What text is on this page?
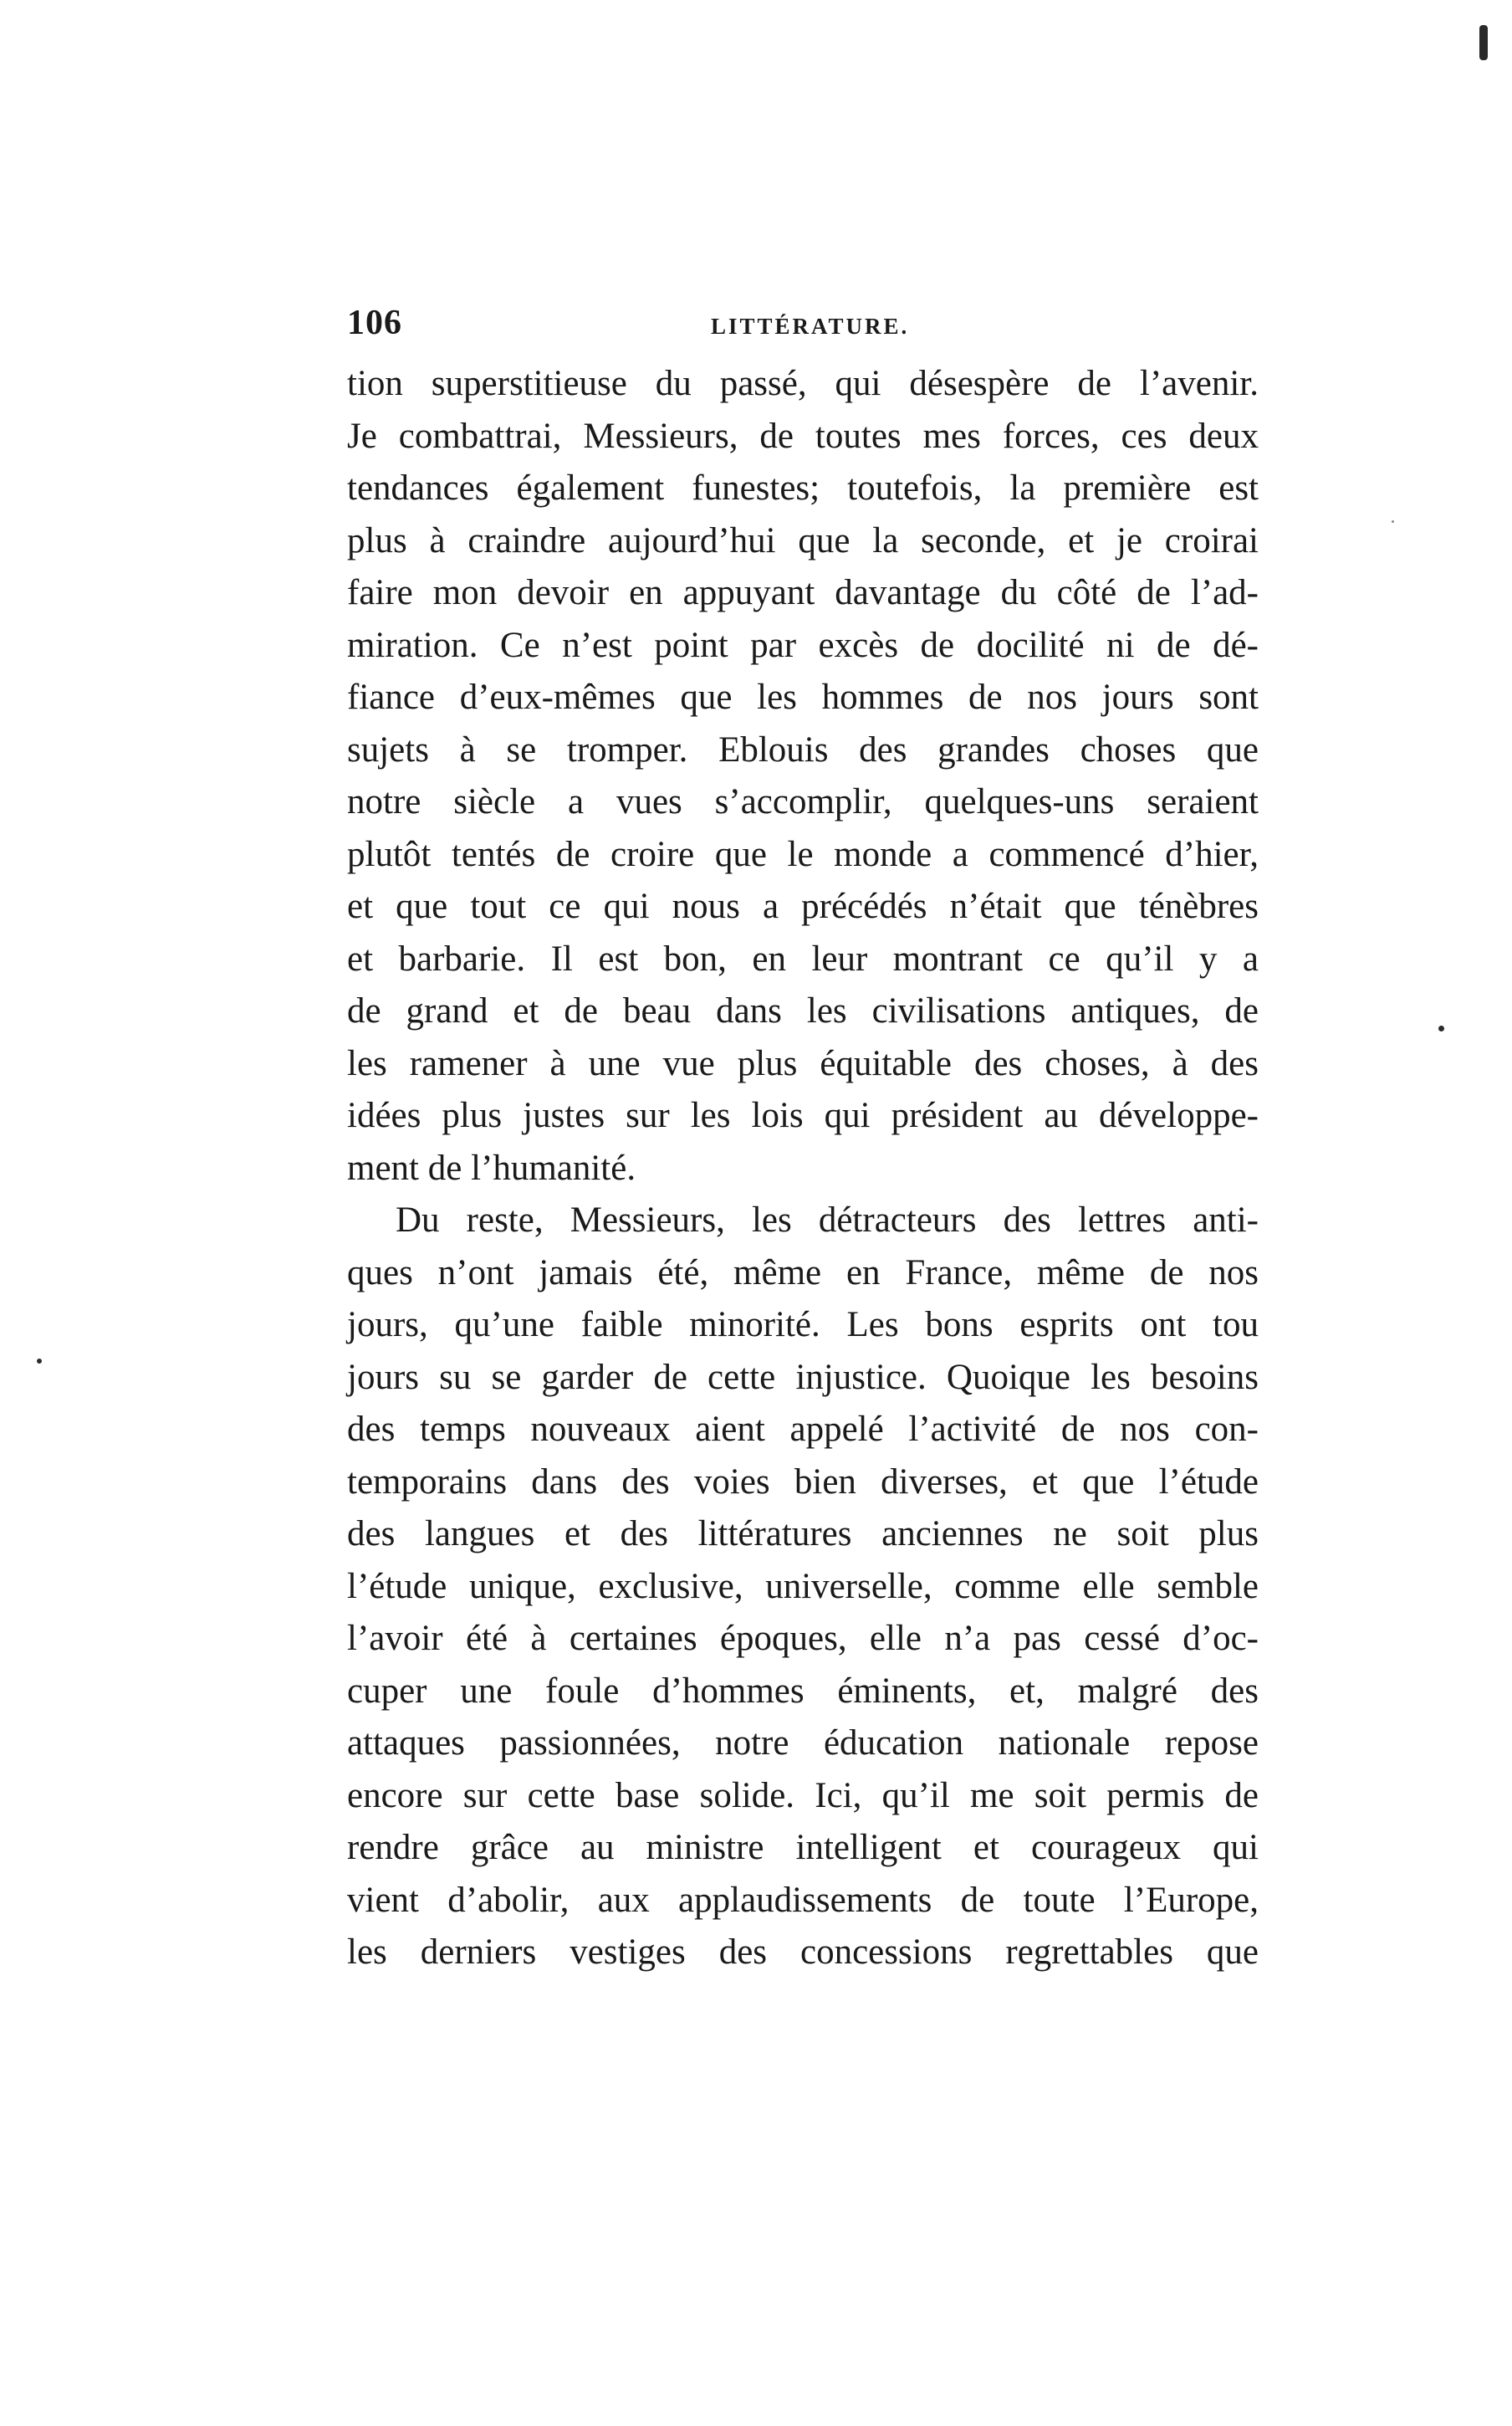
106	LITTÉRATURE.
tion superstitieuse du passé, qui désespère de l’avenir.
Je combattrai, Messieurs, de toutes mes forces, ces deux
tendances également funestes; toutefois, la première est
plus à craindre aujourd’hui que la seconde, et je croirai
faire mon devoir en appuyant davantage du côté de l’ad-
miration. Ce n’est point par excès de docilité ni de dé-
fiance d’eux-mêmes que les hommes de nos jours sont
sujets à se tromper. Eblouis des grandes choses que
notre siècle a vues s’accomplir, quelques-uns seraient
plutôt tentés de croire que le monde a commencé d’hier,
et que tout ce qui nous a précédés n’était que ténèbres
et barbarie. Il est bon, en leur montrant ce qu’il y a
de grand et de beau dans les civilisations antiques, de
les ramener à une vue plus équitable des choses, à des
idées plus justes sur les lois qui président au développe-
ment de l’humanité.
Du reste, Messieurs, les détracteurs des lettres anti-
ques n’ont jamais été, même en France, même de nos
jours, qu’une faible minorité. Les bons esprits ont tou
jours su se garder de cette injustice. Quoique les besoins
des temps nouveaux aient appelé l’activité de nos con-
temporains dans des voies bien diverses, et que l’étude
des langues et des littératures anciennes ne soit plus
l’étude unique, exclusive, universelle, comme elle semble
l’avoir été à certaines époques, elle n’a pas cessé d’oc-
cuper une foule d’hommes éminents, et, malgré des
attaques passionnées, notre éducation nationale repose
encore sur cette base solide. Ici, qu’il me soit permis de
rendre grâce au ministre intelligent et courageux qui
vient d’abolir, aux applaudissements de toute l’Europe,
les derniers vestiges des concessions regrettables que
